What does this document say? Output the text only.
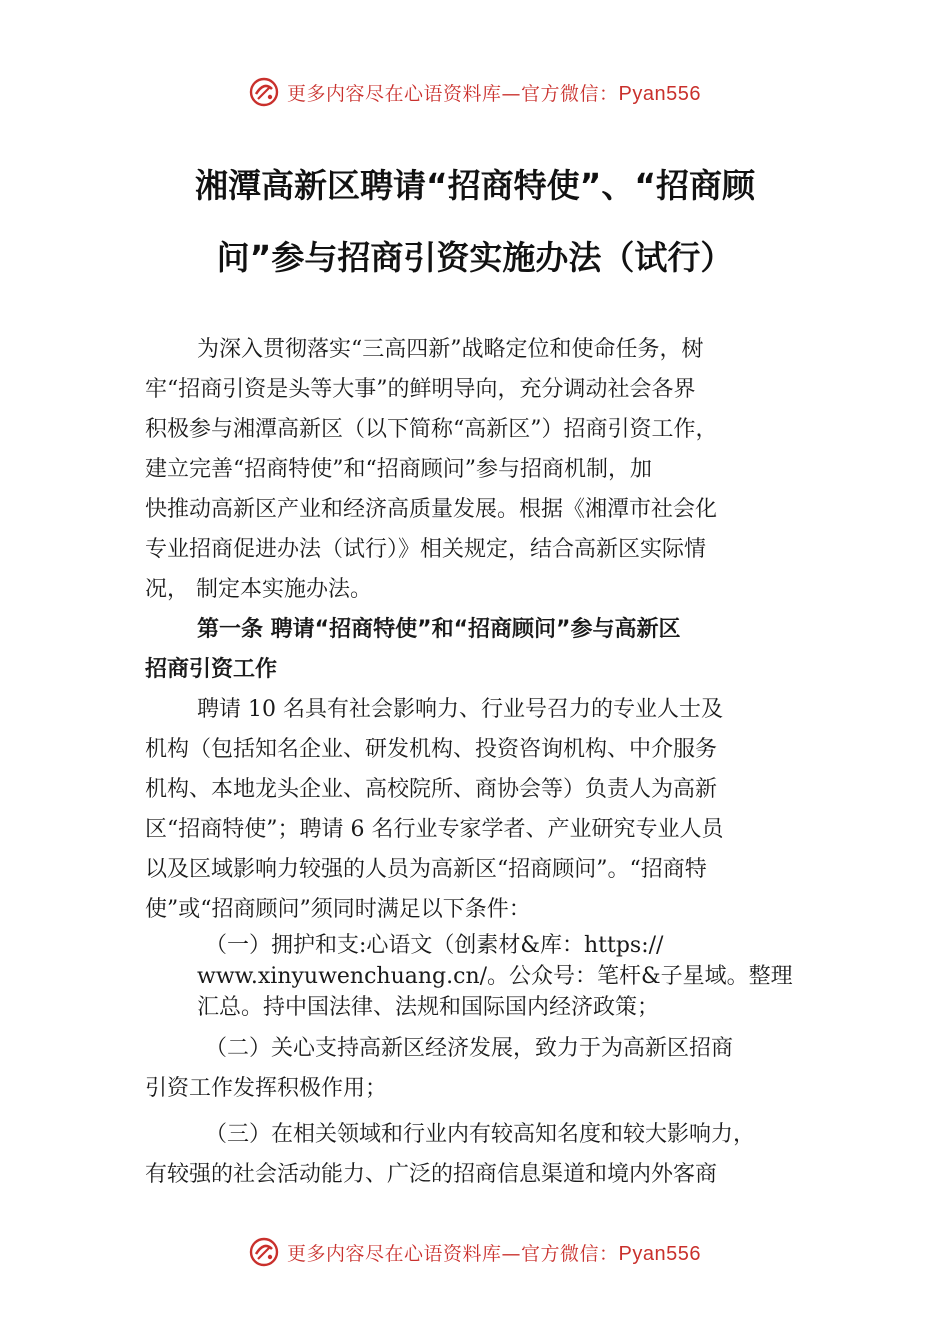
更多内容尽在心语资料库—官方微信：Pyan556
湘潭高新区聘请“招商特使”、“招商顾
问”参与招商引资实施办法（试行）
为深入贯彻落实“三高四新”战略定位和使命任务，树
牢“招商引资是头等大事”的鲜明导向，充分调动社会各界
积极参与湘潭高新区（以下简称“高新区”）招商引资工作，
建立完善“招商特使”和“招商顾问”参与招商机制，加
快推动高新区产业和经济高质量发展。根据《湘潭市社会化
专业招商促进办法（试行）》相关规定，结合高新区实际情
况， 制定本实施办法。
第一条 聘请“招商特使”和“招商顾问”参与高新区
招商引资工作
聘请 10 名具有社会影响力、行业号召力的专业人士及
机构（包括知名企业、研发机构、投资咨询机构、中介服务
机构、本地龙头企业、高校院所、商协会等）负责人为高新
区“招商特使”；聘请 6 名行业专家学者、产业研究专业人员
以及区域影响力较强的人员为高新区“招商顾问”。“招商特
使”或“招商顾问”须同时满足以下条件：
（一）拥护和支:心语文（创素材&库：https://
www.xinyuwenchuang.cn/。公众号：笔杆&子星域。整理
汇总。持中国法律、法规和国际国内经济政策；
（二）关心支持高新区经济发展，致力于为高新区招商
引资工作发挥积极作用；
（三）在相关领域和行业内有较高知名度和较大影响力，
有较强的社会活动能力、广泛的招商信息渠道和境内外客商
更多内容尽在心语资料库—官方微信：Pyan556
